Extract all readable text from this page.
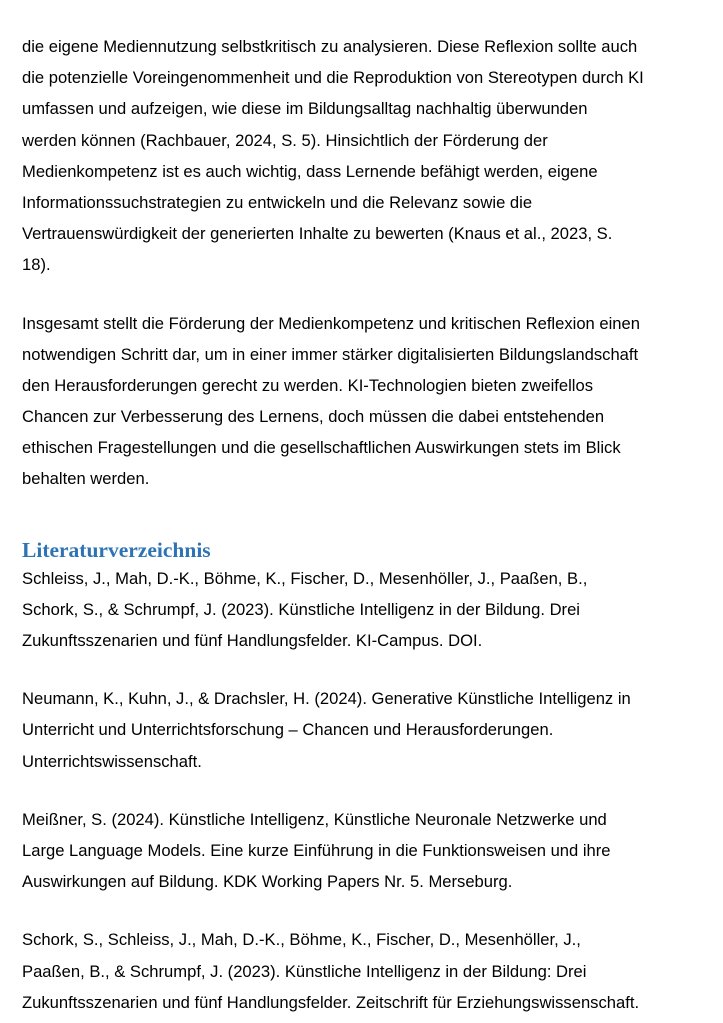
die eigene Mediennutzung selbstkritisch zu analysieren. Diese Reflexion sollte auch
die potenzielle Voreingenommenheit und die Reproduktion von Stereotypen durch KI
umfassen und aufzeigen, wie diese im Bildungsalltag nachhaltig überwunden
werden können (Rachbauer, 2024, S. 5). Hinsichtlich der Förderung der
Medienkompetenz ist es auch wichtig, dass Lernende befähigt werden, eigene
Informationssuchstrategien zu entwickeln und die Relevanz sowie die
Vertrauenswürdigkeit der generierten Inhalte zu bewerten (Knaus et al., 2023, S.
18).

Insgesamt stellt die Förderung der Medienkompetenz und kritischen Reflexion einen
notwendigen Schritt dar, um in einer immer stärker digitalisierten Bildungslandschaft
den Herausforderungen gerecht zu werden. KI-Technologien bieten zweifellos
Chancen zur Verbesserung des Lernens, doch müssen die dabei entstehenden
ethischen Fragestellungen und die gesellschaftlichen Auswirkungen stets im Blick
behalten werden.

Literaturverzeichnis

Schleiss, J., Mah, D.-K., Böhme, K., Fischer, D., Mesenhöller, J., Paaßen, B.,
Schork, S., & Schrumpf, J. (2023). Künstliche Intelligenz in der Bildung. Drei
Zukunftsszenarien und fünf Handlungsfelder. KI-Campus. DOI.

Neumann, K., Kuhn, J., & Drachsler, H. (2024). Generative Künstliche Intelligenz in
Unterricht und Unterrichtsforschung – Chancen und Herausforderungen.
Unterrichtswissenschaft.

Meißner, S. (2024). Künstliche Intelligenz, Künstliche Neuronale Netzwerke und
Large Language Models. Eine kurze Einführung in die Funktionsweisen und ihre
Auswirkungen auf Bildung. KDK Working Papers Nr. 5. Merseburg.

Schork, S., Schleiss, J., Mah, D.-K., Böhme, K., Fischer, D., Mesenhöller, J.,
Paaßen, B., & Schrumpf, J. (2023). Künstliche Intelligenz in der Bildung: Drei
Zukunftsszenarien und fünf Handlungsfelder. Zeitschrift für Erziehungswissenschaft.
